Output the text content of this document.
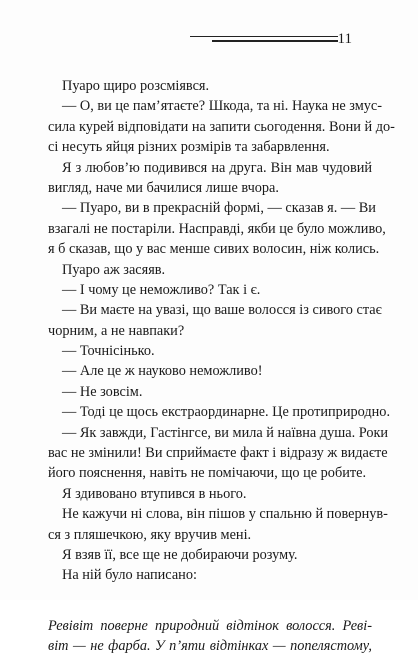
11
Пуаро щиро розсміявся.
— О, ви це пам’ятаєте? Шкода, та ні. Наука не змус-
сила курей відповідати на запити сьогодення. Вони й до-
сі несуть яйця різних розмірів та забарвлення.
Я з любов’ю подивився на друга. Він мав чудовий
вигляд, наче ми бачилися лише вчора.
— Пуаро, ви в прекрасній формі, — сказав я. — Ви
взагалі не постаріли. Насправді, якби це було можливо,
я б сказав, що у вас менше сивих волосин, ніж колись.
Пуаро аж засяяв.
— І чому це неможливо? Так і є.
— Ви маєте на увазі, що ваше волосся із сивого стає
чорним, а не навпаки?
— Точнісінько.
— Але це ж науково неможливо!
— Не зовсім.
— Тоді це щось екстраординарне. Це протиприродно.
— Як завжди, Гастінгсе, ви мила й наївна душа. Роки
вас не змінили! Ви сприймаєте факт і відразу ж видаєте
його пояснення, навіть не помічаючи, що це робите.
Я здивовано втупився в нього.
Не кажучи ні слова, він пішов у спальню й повернув-
ся з пляшечкою, яку вручив мені.
Я взяв її, все ще не добираючи розуму.
На ній було написано:
Ревівіт поверне природний відтінок волосся. Реві-
віт — не фарба. У п’яти відтінках — попелястому,
